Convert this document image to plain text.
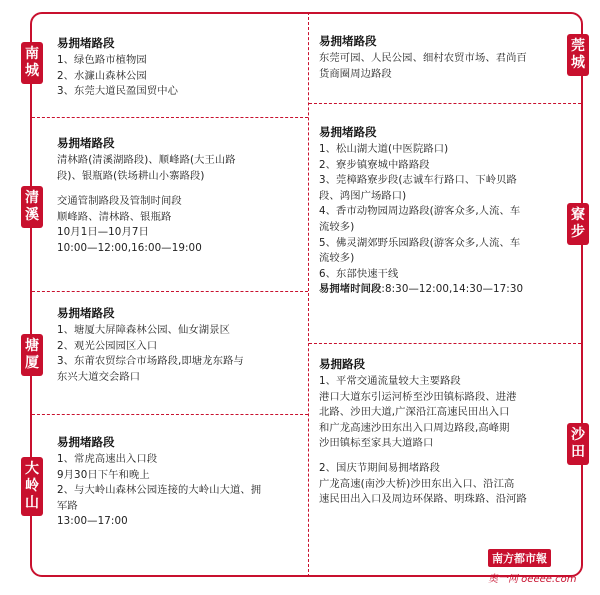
南
城
清
溪
塘
厦
大
岭
山
莞
城
寮
步
沙
田
易拥堵路段
1、绿色路市植物园
2、水濂山森林公园
3、东莞大道民盈国贸中心
易拥堵路段
清林路(清溪湖路段)、顺峰路(大王山路
段)、银瓶路(铁场耕山小寨路段)
交通管制路段及管制时间段
顺峰路、清林路、银瓶路
10月1日—10月7日
10:00—12:00,16:00—19:00
易拥堵路段
1、塘厦大屏障森林公园、仙女湖景区
2、观光公园园区入口
3、东莆农贸综合市场路段,即塘龙东路与
东兴大道交会路口
易拥堵路段
1、常虎高速出入口段
9月30日下午和晚上
2、与大岭山森林公园连接的大岭山大道、拥
军路
13:00—17:00
易拥堵路段
东莞可园、人民公园、细村农贸市场、君尚百
货商圈周边路段
易拥堵路段
1、松山湖大道(中医院路口)
2、寮步镇寮城中路路段
3、莞樟路寮步段(志诚车行路口、下岭贝路
段、鸿图广场路口)
4、香市动物园周边路段(游客众多,人流、车
流较多)
5、佛灵湖郊野乐园路段(游客众多,人流、车
流较多)
6、东部快速干线
易拥堵时间段:8:30—12:00,14:30—17:30
易拥路段
1、平常交通流量较大主要路段
港口大道东引运河桥至沙田镇标路段、进港
北路、沙田大道,广深沿江高速民田出入口
和广龙高速沙田东出入口周边路段,高峰期
沙田镇标至家具大道路口
2、国庆节期间易拥堵路段
广龙高速(南沙大桥)沙田东出入口、沿江高
速民田出入口及周边环保路、明珠路、沿河路
南方都市報
奥一网 oeeee.com
